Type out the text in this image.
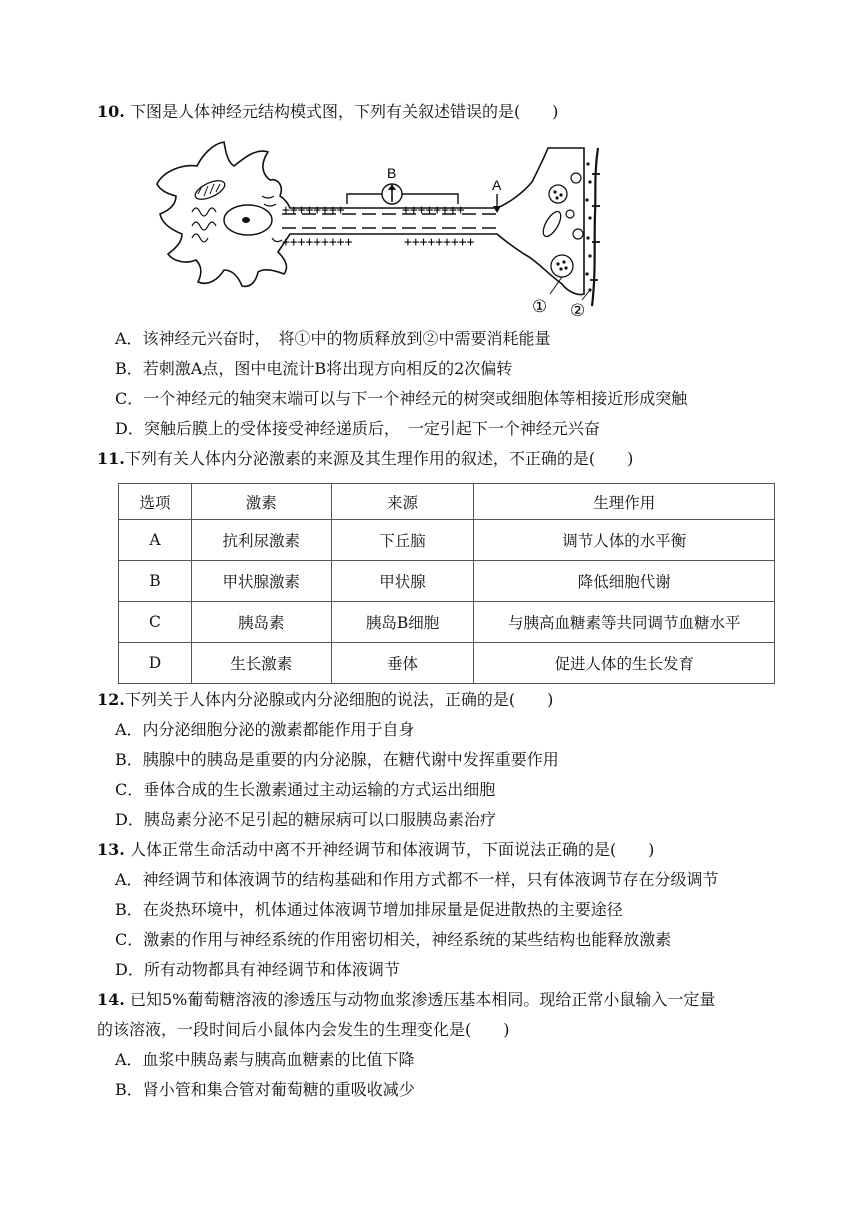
10. 下图是人体神经元结构模式图，下列有关叙述错误的是(　　)
++++++++	++++++++
+++++++++	+++++++++
B
A
① ②
A．该神经元兴奋时，　将①中的物质释放到②中需要消耗能量
B．若刺激A点，图中电流计B将出现方向相反的2次偏转
C．一个神经元的轴突末端可以与下一个神经元的树突或细胞体等相接近形成突触
D．突触后膜上的受体接受神经递质后，　一定引起下一个神经元兴奋
11.下列有关人体内分泌激素的来源及其生理作用的叙述，不正确的是(　　)
选项	激素	来源	生理作用
A	抗利尿激素	下丘脑	调节人体的水平衡
B	甲状腺激素	甲状腺	降低细胞代谢
C	胰岛素	胰岛B细胞	与胰高血糖素等共同调节血糖水平
D	生长激素	垂体	促进人体的生长发育
12.下列关于人体内分泌腺或内分泌细胞的说法，正确的是(　　)
A．内分泌细胞分泌的激素都能作用于自身
B．胰腺中的胰岛是重要的内分泌腺，在糖代谢中发挥重要作用
C．垂体合成的生长激素通过主动运输的方式运出细胞
D．胰岛素分泌不足引起的糖尿病可以口服胰岛素治疗
13. 人体正常生命活动中离不开神经调节和体液调节，下面说法正确的是(　　)
A．神经调节和体液调节的结构基础和作用方式都不一样，只有体液调节存在分级调节
B．在炎热环境中，机体通过体液调节增加排尿量是促进散热的主要途径
C．激素的作用与神经系统的作用密切相关，神经系统的某些结构也能释放激素
D．所有动物都具有神经调节和体液调节
14. 已知5%葡萄糖溶液的渗透压与动物血浆渗透压基本相同。现给正常小鼠输入一定量
的该溶液，一段时间后小鼠体内会发生的生理变化是(　　)
A．血浆中胰岛素与胰高血糖素的比值下降
B．肾小管和集合管对葡萄糖的重吸收减少
